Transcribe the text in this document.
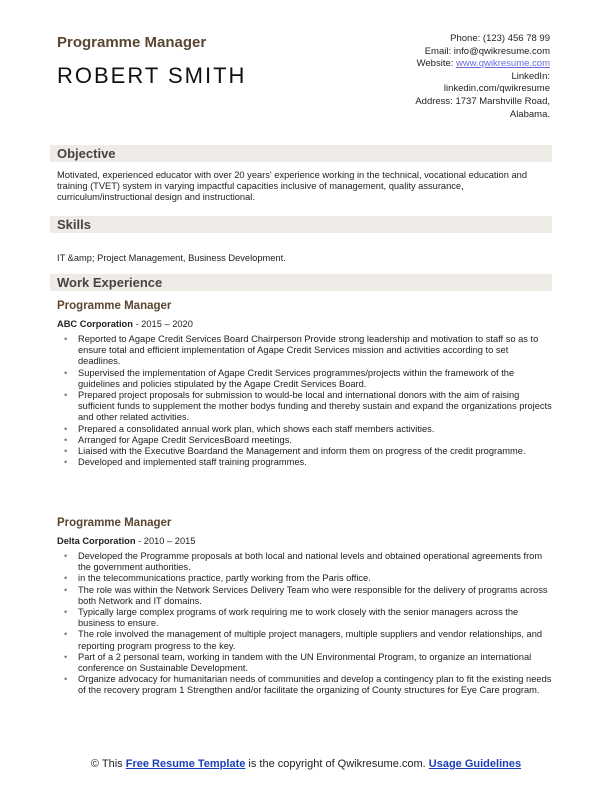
Programme Manager
ROBERT SMITH
Phone: (123) 456 78 99
Email: info@qwikresume.com
Website: www.qwikresume.com
LinkedIn:
linkedin.com/qwikresume
Address: 1737 Marshville Road,
Alabama.
Objective
Motivated, experienced educator with over 20 years' experience working in the technical, vocational education and training (TVET) system in varying impactful capacities inclusive of management, quality assurance, curriculum/instructional design and instructional.
Skills
IT &amp; Project Management, Business Development.
Work Experience
Programme Manager
ABC Corporation - 2015 – 2020
• Reported to Agape Credit Services Board Chairperson Provide strong leadership and motivation to staff so as to ensure total and efficient implementation of Agape Credit Services mission and activities according to set deadlines.
• Supervised the implementation of Agape Credit Services programmes/projects within the framework of the guidelines and policies stipulated by the Agape Credit Services Board.
• Prepared project proposals for submission to would-be local and international donors with the aim of raising sufficient funds to supplement the mother bodys funding and thereby sustain and expand the organizations projects and other related activities.
• Prepared a consolidated annual work plan, which shows each staff members activities.
• Arranged for Agape Credit ServicesBoard meetings.
• Liaised with the Executive Boardand the Management and inform them on progress of the credit programme.
• Developed and implemented staff training programmes.
Programme Manager
Delta Corporation - 2010 – 2015
• Developed the Programme proposals at both local and national levels and obtained operational agreements from the government authorities.
• in the telecommunications practice, partly working from the Paris office.
• The role was within the Network Services Delivery Team who were responsible for the delivery of programs across both Network and IT domains.
• Typically large complex programs of work requiring me to work closely with the senior managers across the business to ensure.
• The role involved the management of multiple project managers, multiple suppliers and vendor relationships, and reporting program progress to the key.
• Part of a 2 personal team, working in tandem with the UN Environmental Program, to organize an international conference on Sustainable Development.
• Organize advocacy for humanitarian needs of communities and develop a contingency plan to fit the existing needs of the recovery program 1 Strengthen and/or facilitate the organizing of County structures for Eye Care program.
© This Free Resume Template is the copyright of Qwikresume.com. Usage Guidelines
